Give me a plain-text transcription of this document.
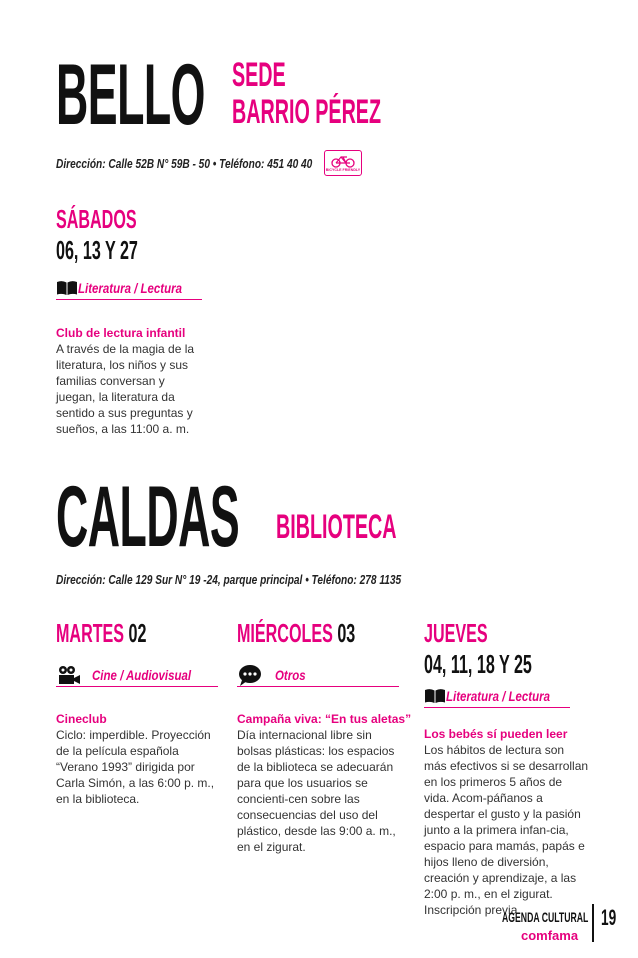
BELLO SEDE
BARRIO PÉREZ
Dirección: Calle 52B N° 59B - 50 • Teléfono: 451 40 40	BICYCLE FRIENDLY
SÁBADOS
06, 13 Y 27
Literatura / Lectura
Club de lectura infantil
A través de la magia de la literatura, los niños y sus familias conversan y juegan, la literatura da sentido a sus preguntas y sueños, a las 11:00 a. m.
CALDAS BIBLIOTECA
Dirección: Calle 129 Sur N° 19 -24, parque principal • Teléfono: 278 1135
MARTES 02
Cine / Audiovisual
Cineclub
Ciclo: imperdible. Proyección de la película española “Verano 1993” dirigida por Carla Simón, a las 6:00 p. m., en la biblioteca.
MIÉRCOLES 03
Otros
Campaña viva: “En tus aletas”
Día internacional libre sin bolsas plásticas: los espacios de la biblioteca se adecuarán para que los usuarios se concienti-cen sobre las consecuencias del uso del plástico, desde las 9:00 a. m., en el zigurat.
JUEVES
04, 11, 18 Y 25
Literatura / Lectura
Los bebés sí pueden leer
Los hábitos de lectura son más efectivos si se desarrollan en los primeros 5 años de vida. Acom-páñanos a despertar el gusto y la pasión junto a la primera infan-cia, espacio para mamás, papás e hijos lleno de diversión, creación y aprendizaje, a las 2:00 p. m., en el zigurat. Inscripción previa.
AGENDA CULTURAL
comfama
19
